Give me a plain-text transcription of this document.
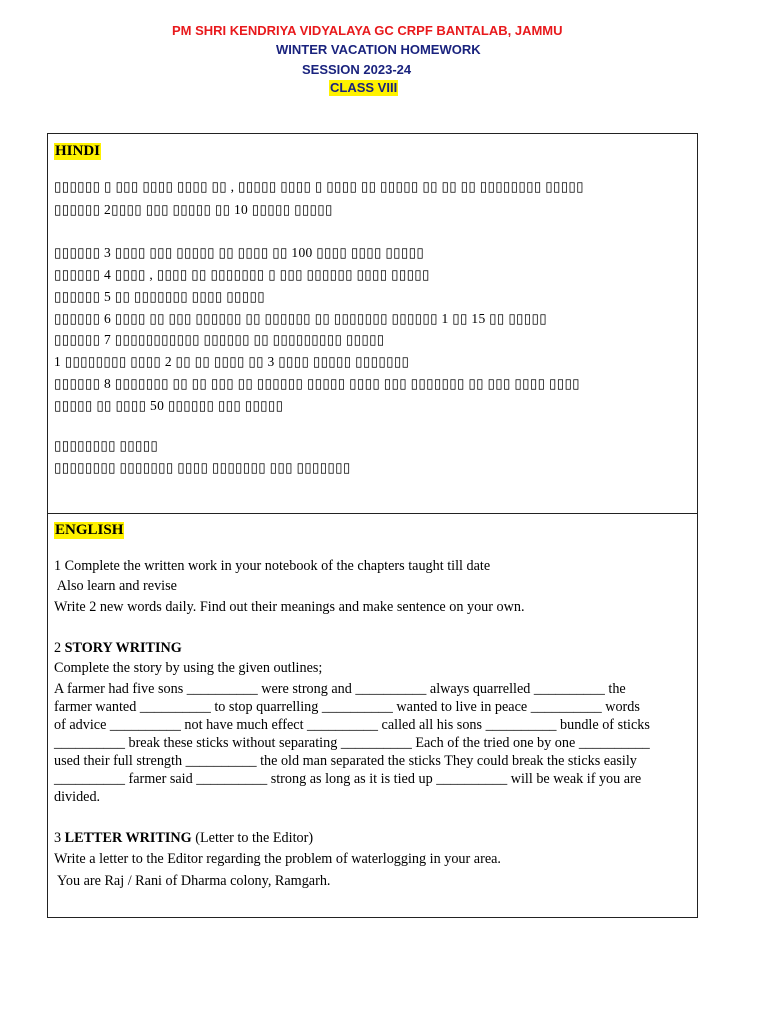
PM SHRI KENDRIYA VIDYALAYA GC CRPF BANTALAB, JAMMU
WINTER VACATION HOMEWORK
SESSION 2023-24
CLASS VIII
HINDI
▯▯▯▯▯▯ ▯ ▯▯▯ ▯▯▯▯ ▯▯▯▯ ▯▯ , ▯▯▯▯▯ ▯▯▯▯ ▯ ▯▯▯▯ ▯▯ ▯▯▯▯▯ ▯▯ ▯▯ ▯▯ ▯▯▯▯▯▯▯▯ ▯▯▯▯▯
▯▯▯▯▯▯ 2▯▯▯▯ ▯▯▯ ▯▯▯▯▯ ▯▯ 10 ▯▯▯▯▯ ▯▯▯▯▯
▯▯▯▯▯▯ 3 ▯▯▯▯ ▯▯▯ ▯▯▯▯▯ ▯▯ ▯▯▯▯ ▯▯ 100 ▯▯▯▯ ▯▯▯▯ ▯▯▯▯▯
▯▯▯▯▯▯ 4 ▯▯▯▯ , ▯▯▯▯ ▯▯ ▯▯▯▯▯▯▯ ▯ ▯▯▯ ▯▯▯▯▯▯ ▯▯▯▯ ▯▯▯▯▯
▯▯▯▯▯▯ 5 ▯▯ ▯▯▯▯▯▯▯ ▯▯▯▯ ▯▯▯▯▯
▯▯▯▯▯▯ 6 ▯▯▯▯ ▯▯ ▯▯▯ ▯▯▯▯▯▯ ▯▯ ▯▯▯▯▯▯ ▯▯ ▯▯▯▯▯▯▯ ▯▯▯▯▯▯ 1 ▯▯ 15 ▯▯ ▯▯▯▯▯
▯▯▯▯▯▯ 7 ▯▯▯▯▯▯▯▯▯▯▯ ▯▯▯▯▯▯ ▯▯ ▯▯▯▯▯▯▯▯▯ ▯▯▯▯▯
1 ▯▯▯▯▯▯▯▯ ▯▯▯▯ 2 ▯▯ ▯▯ ▯▯▯▯ ▯▯ 3 ▯▯▯▯ ▯▯▯▯▯ ▯▯▯▯▯▯▯
▯▯▯▯▯▯ 8 ▯▯▯▯▯▯▯ ▯▯ ▯▯ ▯▯▯ ▯▯ ▯▯▯▯▯▯ ▯▯▯▯▯ ▯▯▯▯ ▯▯▯ ▯▯▯▯▯▯▯ ▯▯ ▯▯▯ ▯▯▯▯ ▯▯▯▯
▯▯▯▯▯ ▯▯ ▯▯▯▯ 50 ▯▯▯▯▯▯ ▯▯▯ ▯▯▯▯▯
▯▯▯▯▯▯▯▯ ▯▯▯▯▯
▯▯▯▯▯▯▯▯ ▯▯▯▯▯▯▯ ▯▯▯▯ ▯▯▯▯▯▯▯ ▯▯▯ ▯▯▯▯▯▯▯
ENGLISH
1 Complete the written work in your notebook of the chapters taught till date
Also learn and revise
Write 2 new words daily. Find out their meanings and make sentence on your own.
2 STORY WRITING
Complete the story by using the given outlines;
A farmer had five sons __________ were strong and __________ always quarrelled __________ the
farmer wanted __________ to stop quarrelling __________ wanted to live in peace __________ words
of advice __________ not have much effect __________ called all his sons __________ bundle of sticks
__________ break these sticks without separating __________ Each of the tried one by one __________
used their full strength __________ the old man separated the sticks They could break the sticks easily
__________ farmer said __________ strong as long as it is tied up __________ will be weak if you are
divided.
3 LETTER WRITING (Letter to the Editor)
Write a letter to the Editor regarding the problem of waterlogging in your area.
You are Raj / Rani of Dharma colony, Ramgarh.
